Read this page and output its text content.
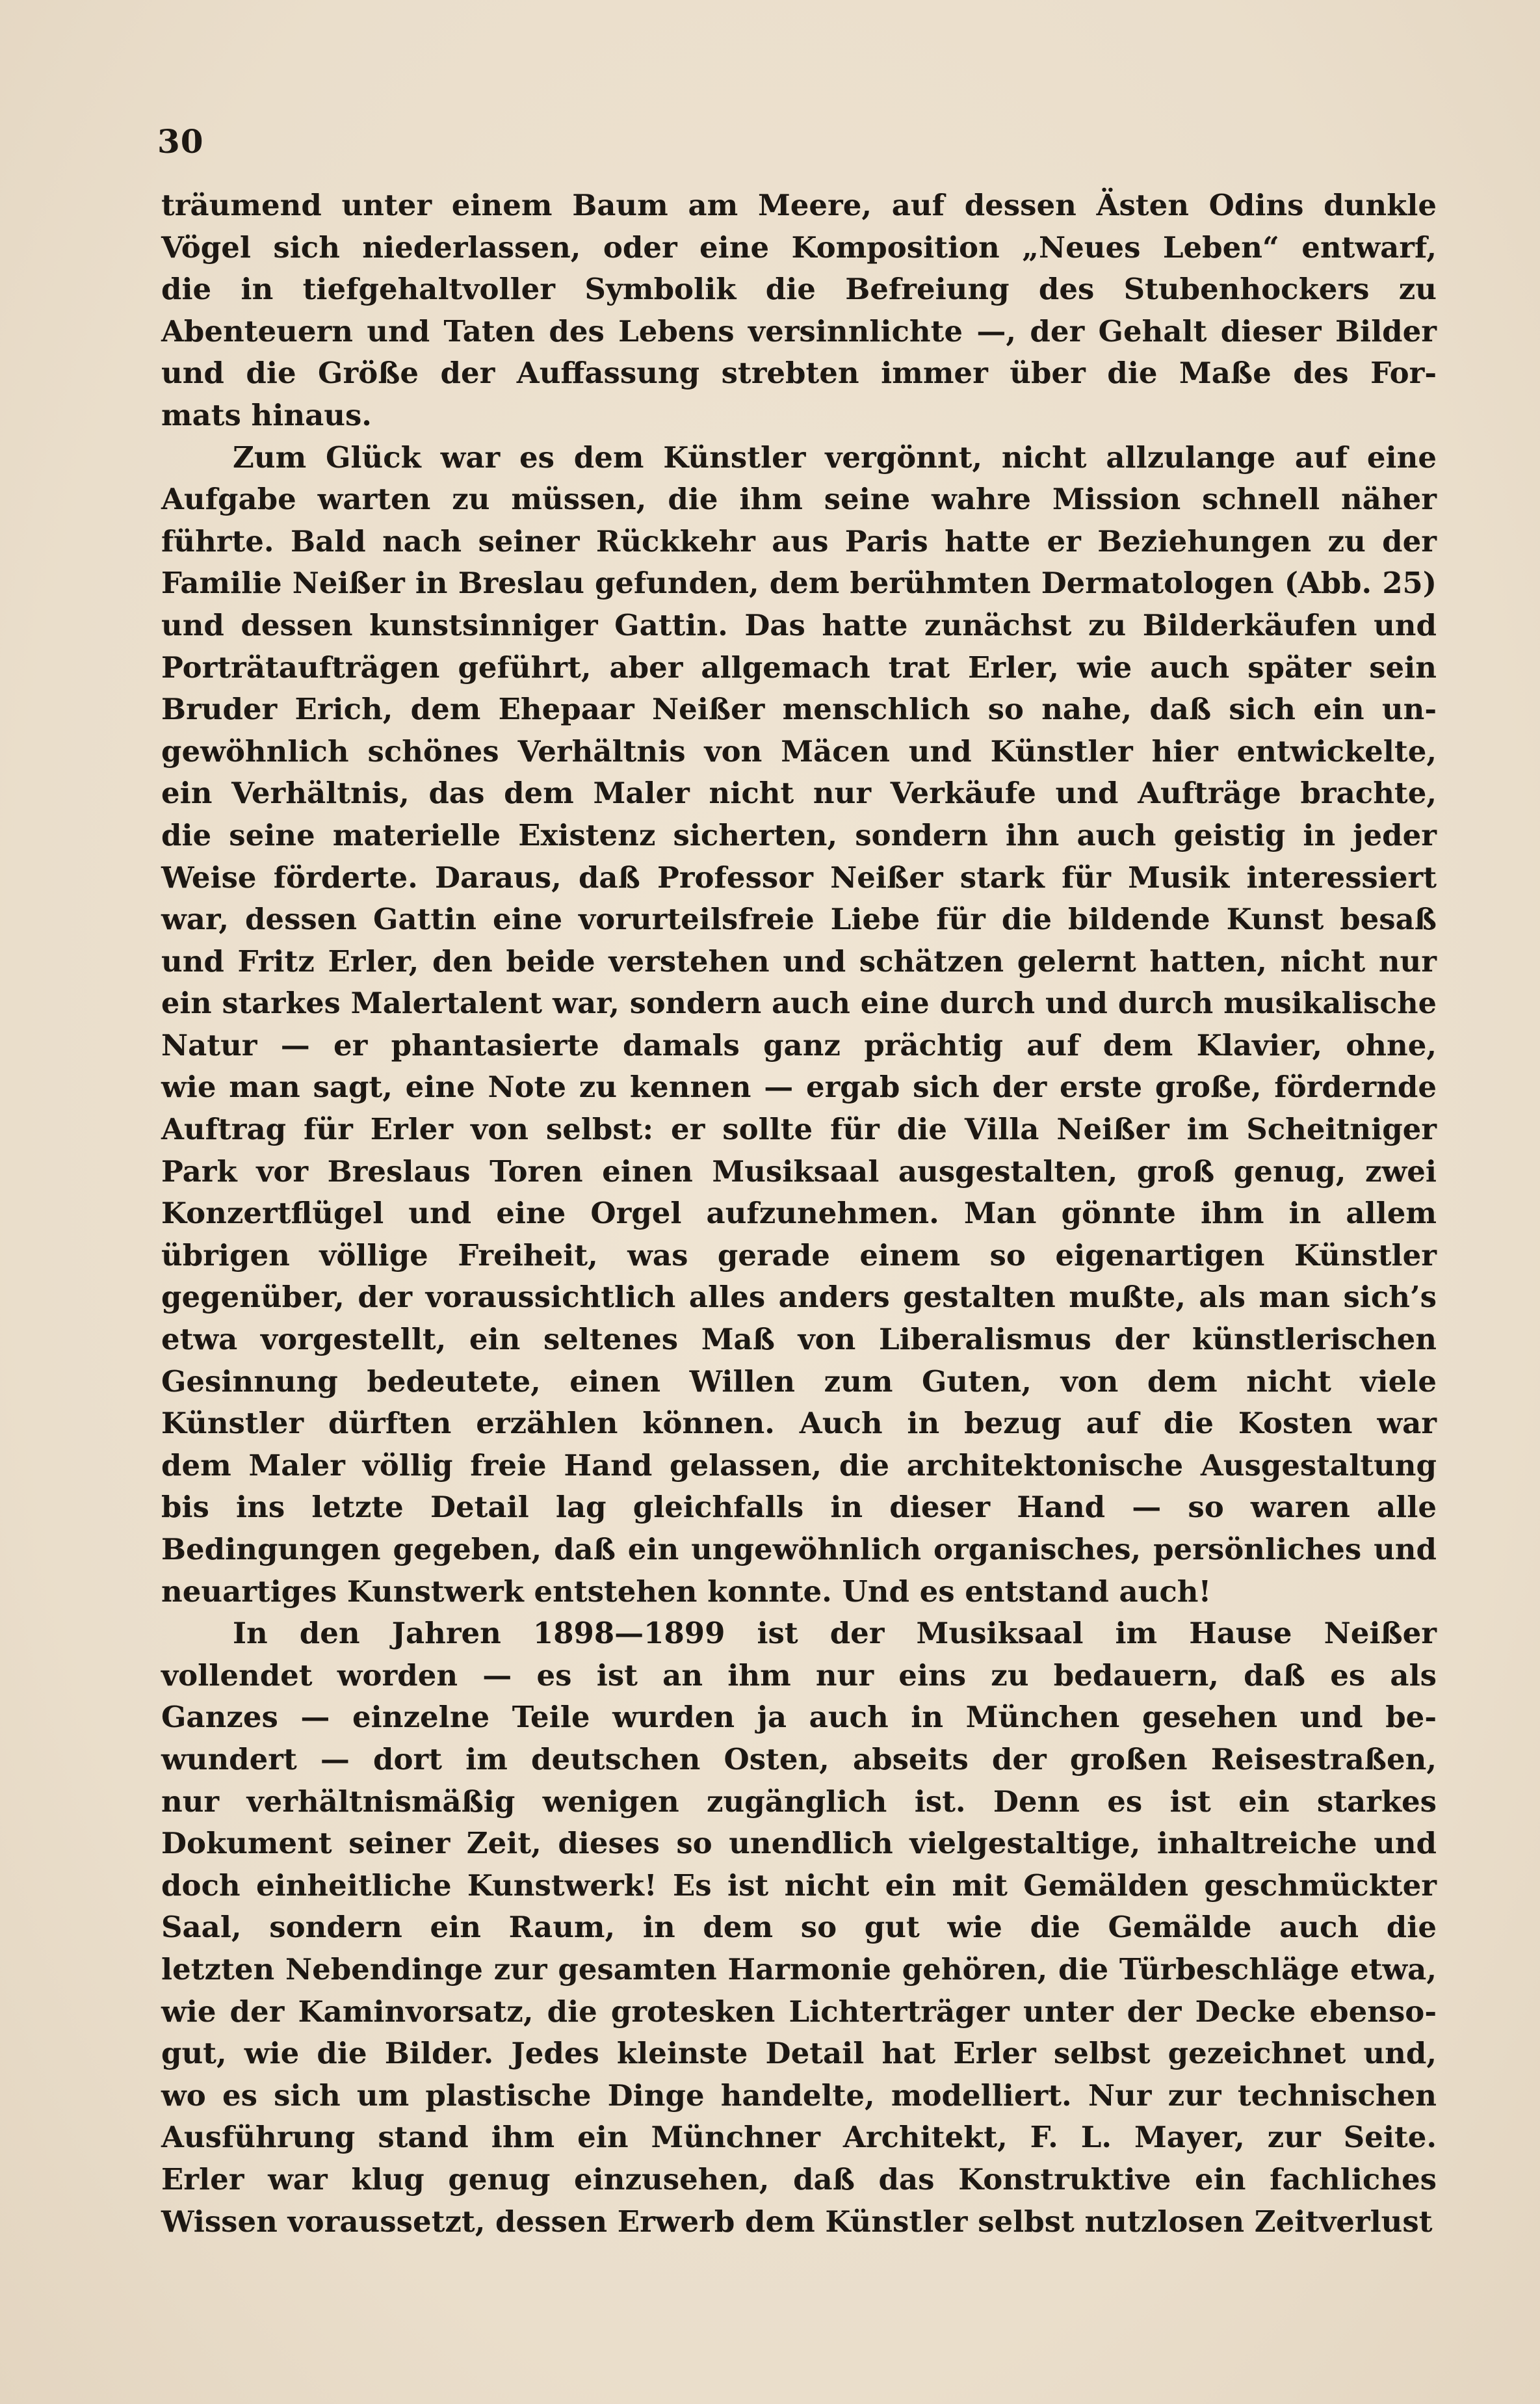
30
träumend unter einem Baum am Meere, auf dessen Ästen Odins dunkle
Vögel sich niederlassen, oder eine Komposition „Neues Leben“ entwarf,
die in tiefgehaltvoller Symbolik die Befreiung des Stubenhockers zu
Abenteuern und Taten des Lebens versinnlichte —, der Gehalt dieser Bilder
und die Größe der Auffassung strebten immer über die Maße des For-
mats hinaus.
Zum Glück war es dem Künstler vergönnt, nicht allzulange auf eine
Aufgabe warten zu müssen, die ihm seine wahre Mission schnell näher
führte. Bald nach seiner Rückkehr aus Paris hatte er Beziehungen zu der
Familie Neißer in Breslau gefunden, dem berühmten Dermatologen (Abb. 25)
und dessen kunstsinniger Gattin. Das hatte zunächst zu Bilderkäufen und
Porträtaufträgen geführt, aber allgemach trat Erler, wie auch später sein
Bruder Erich, dem Ehepaar Neißer menschlich so nahe, daß sich ein un-
gewöhnlich schönes Verhältnis von Mäcen und Künstler hier entwickelte,
ein Verhältnis, das dem Maler nicht nur Verkäufe und Aufträge brachte,
die seine materielle Existenz sicherten, sondern ihn auch geistig in jeder
Weise förderte. Daraus, daß Professor Neißer stark für Musik interessiert
war, dessen Gattin eine vorurteilsfreie Liebe für die bildende Kunst besaß
und Fritz Erler, den beide verstehen und schätzen gelernt hatten, nicht nur
ein starkes Malertalent war, sondern auch eine durch und durch musikalische
Natur — er phantasierte damals ganz prächtig auf dem Klavier, ohne,
wie man sagt, eine Note zu kennen — ergab sich der erste große, fördernde
Auftrag für Erler von selbst: er sollte für die Villa Neißer im Scheitniger
Park vor Breslaus Toren einen Musiksaal ausgestalten, groß genug, zwei
Konzertflügel und eine Orgel aufzunehmen. Man gönnte ihm in allem
übrigen völlige Freiheit, was gerade einem so eigenartigen Künstler
gegenüber, der voraussichtlich alles anders gestalten mußte, als man sich’s
etwa vorgestellt, ein seltenes Maß von Liberalismus der künstlerischen
Gesinnung bedeutete, einen Willen zum Guten, von dem nicht viele
Künstler dürften erzählen können. Auch in bezug auf die Kosten war
dem Maler völlig freie Hand gelassen, die architektonische Ausgestaltung
bis ins letzte Detail lag gleichfalls in dieser Hand — so waren alle
Bedingungen gegeben, daß ein ungewöhnlich organisches, persönliches und
neuartiges Kunstwerk entstehen konnte. Und es entstand auch!
In den Jahren 1898—1899 ist der Musiksaal im Hause Neißer
vollendet worden — es ist an ihm nur eins zu bedauern, daß es als
Ganzes — einzelne Teile wurden ja auch in München gesehen und be-
wundert — dort im deutschen Osten, abseits der großen Reisestraßen,
nur verhältnismäßig wenigen zugänglich ist. Denn es ist ein starkes
Dokument seiner Zeit, dieses so unendlich vielgestaltige, inhaltreiche und
doch einheitliche Kunstwerk! Es ist nicht ein mit Gemälden geschmückter
Saal, sondern ein Raum, in dem so gut wie die Gemälde auch die
letzten Nebendinge zur gesamten Harmonie gehören, die Türbeschläge etwa,
wie der Kaminvorsatz, die grotesken Lichterträger unter der Decke ebenso-
gut, wie die Bilder. Jedes kleinste Detail hat Erler selbst gezeichnet und,
wo es sich um plastische Dinge handelte, modelliert. Nur zur technischen
Ausführung stand ihm ein Münchner Architekt, F. L. Mayer, zur Seite.
Erler war klug genug einzusehen, daß das Konstruktive ein fachliches
Wissen voraussetzt, dessen Erwerb dem Künstler selbst nutzlosen Zeitverlust
